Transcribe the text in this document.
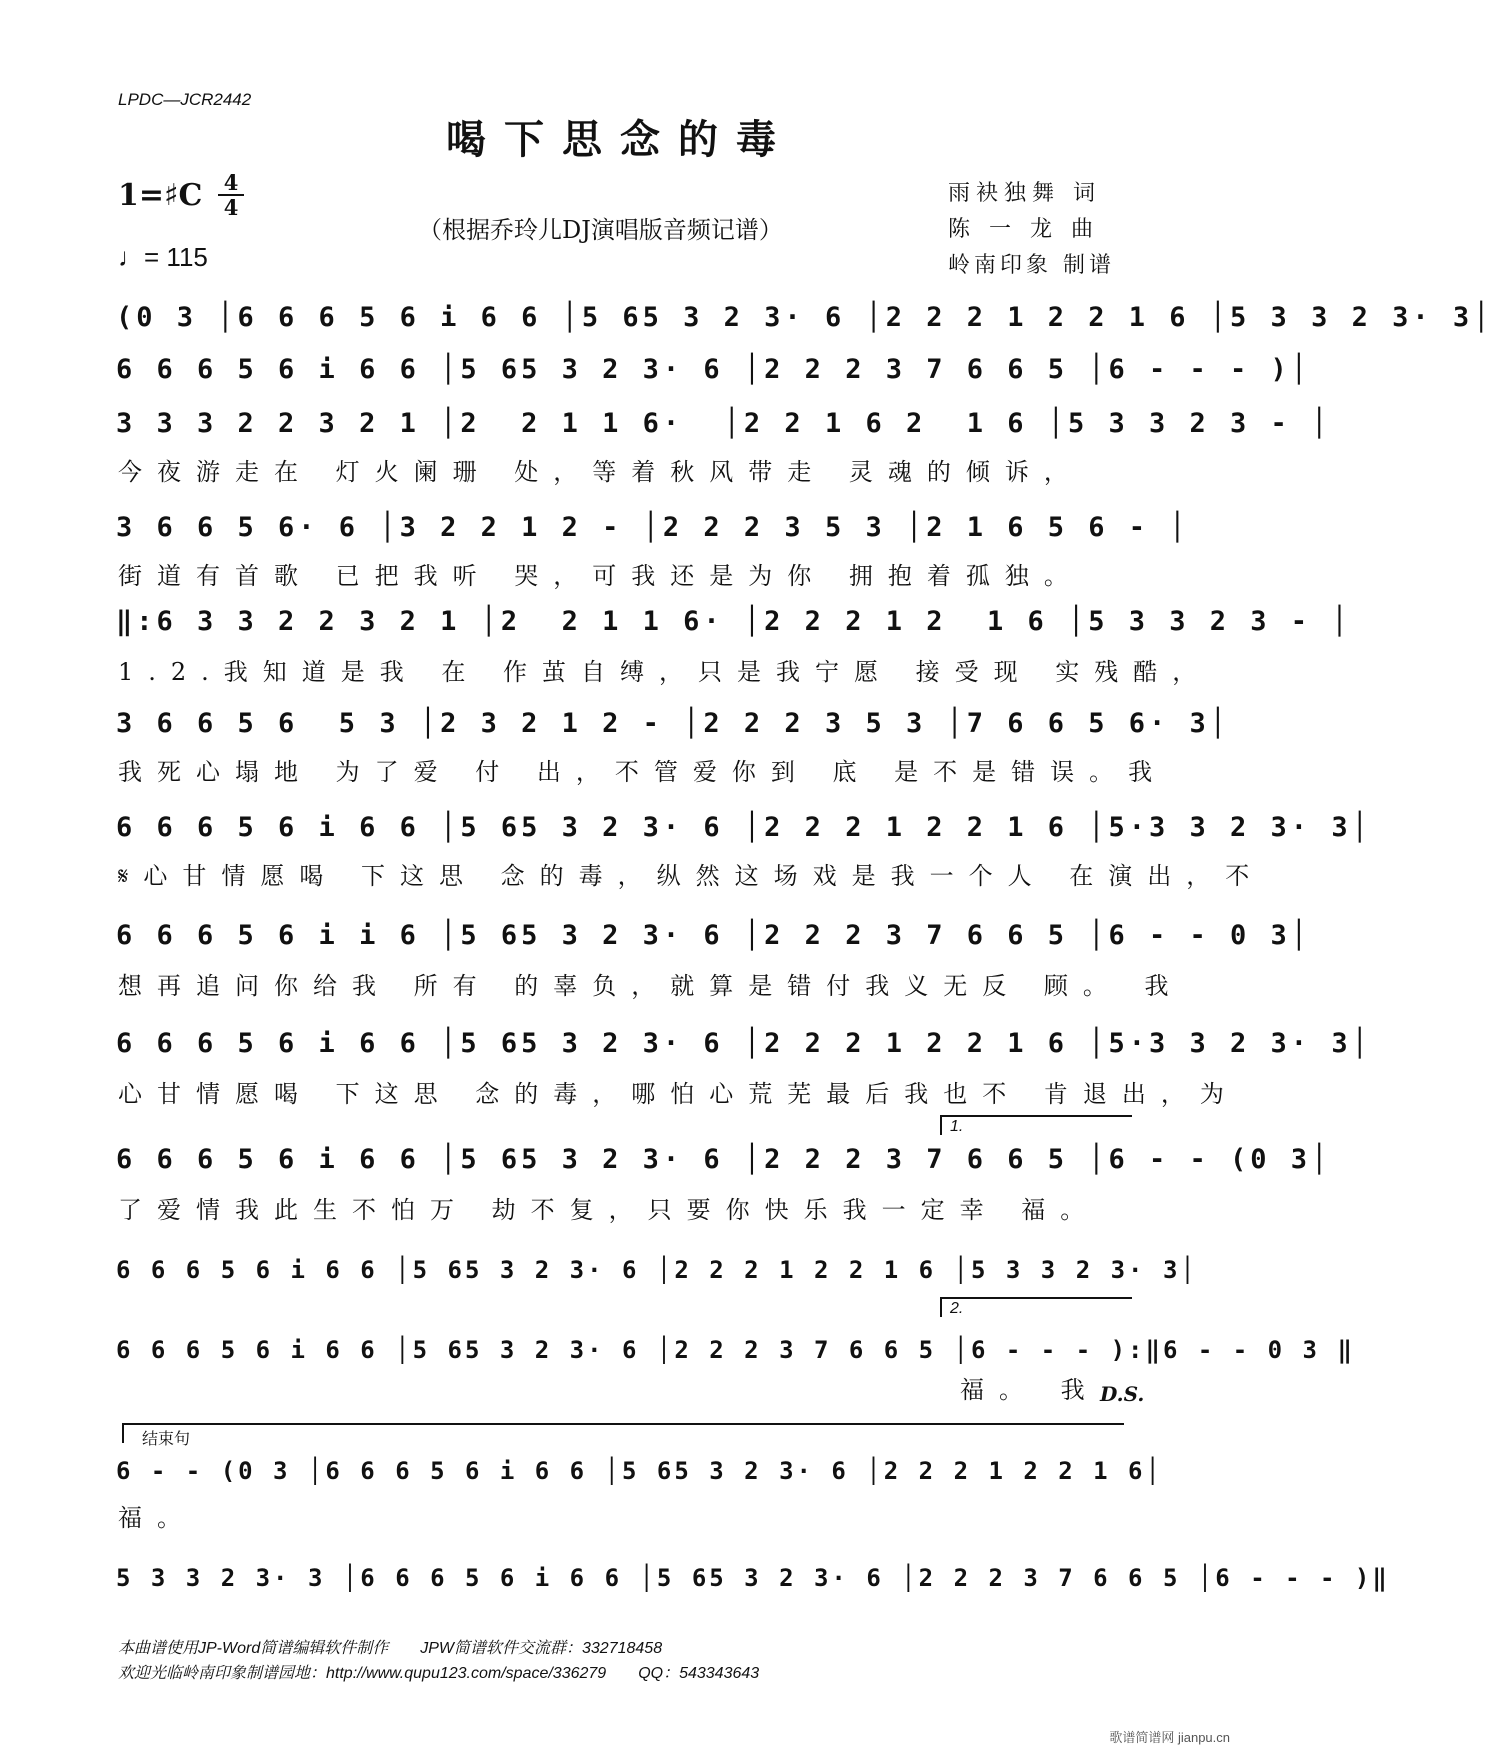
LPDC—JCR2442
喝下思念的毒
1=♯C 4
4
♩= 115
（根据乔玲儿DJ演唱版音频记谱）
雨袂独舞 词
陈 一 龙 曲
岭南印象 制谱
(0 3 │6 6 6 5 6 i 6 6 │5 65 3 2 3· 6 │2 2 2 1 2 2 1 6 │5 3 3 2 3· 3│
6 6 6 5 6 i 6 6 │5 65 3 2 3· 6 │2 2 2 3 7 6 6 5 │6 - - - )│
3 3 3 2 2 3 2 1 │2  2 1 1 6·  │2 2 1 6 2  1 6 │5 3 3 2 3 - │
今夜游走在 灯火阑珊 处，等着秋风带走 灵魂的倾诉，
3 6 6 5 6· 6 │3 2 2 1 2 - │2 2 2 3 5 3 │2 1 6 5 6 - │
街道有首歌 已把我听 哭，可我还是为你 拥抱着孤独。
‖:6 3 3 2 2 3 2 1 │2  2 1 1 6· │2 2 2 1 2  1 6 │5 3 3 2 3 - │
1.2.我知道是我 在 作茧自缚，只是我宁愿 接受现 实残酷，
3 6 6 5 6  5 3 │2 3 2 1 2 - │2 2 2 3 5 3 │7 6 6 5 6· 3│
我死心塌地 为了爱 付 出，不管爱你到 底 是不是错误。我
6 6 6 5 6 i 6 6 │5 65 3 2 3· 6 │2 2 2 1 2 2 1 6 │5·3 3 2 3· 3│
𝄋心甘情愿喝 下这思 念的毒，纵然这场戏是我一个人 在演出，不
6 6 6 5 6 i i 6 │5 65 3 2 3· 6 │2 2 2 3 7 6 6 5 │6 - - 0 3│
想再追问你给我 所有 的辜负，就算是错付我义无反 顾。 我
6 6 6 5 6 i 6 6 │5 65 3 2 3· 6 │2 2 2 1 2 2 1 6 │5·3 3 2 3· 3│
心甘情愿喝 下这思 念的毒，哪怕心荒芜最后我也不 肯退出，为
6 6 6 5 6 i 6 6 │5 65 3 2 3· 6 │2 2 2 3 7 6 6 5 │6 - - (0 3│
了爱情我此生不怕万 劫不复，只要你快乐我一定幸 福。
6 6 6 5 6 i 6 6 │5 65 3 2 3· 6 │2 2 2 1 2 2 1 6 │5 3 3 2 3· 3│
6 6 6 5 6 i 6 6 │5 65 3 2 3· 6 │2 2 2 3 7 6 6 5 │6 - - - ):‖6 - - 0 3 ‖
福。 我
6 - - (0 3 │6 6 6 5 6 i 6 6 │5 65 3 2 3· 6 │2 2 2 1 2 2 1 6│
福。
5 3 3 2 3· 3 │6 6 6 5 6 i 6 6 │5 65 3 2 3· 6 │2 2 2 3 7 6 6 5 │6 - - - )‖
1.
2.
D.S.
结束句
本曲谱使用JP-Word简谱编辑软件制作　　JPW简谱软件交流群：332718458
欢迎光临岭南印象制谱园地：http://www.qupu123.com/space/336279　　QQ：543343643
歌谱简谱网 jianpu.cn
